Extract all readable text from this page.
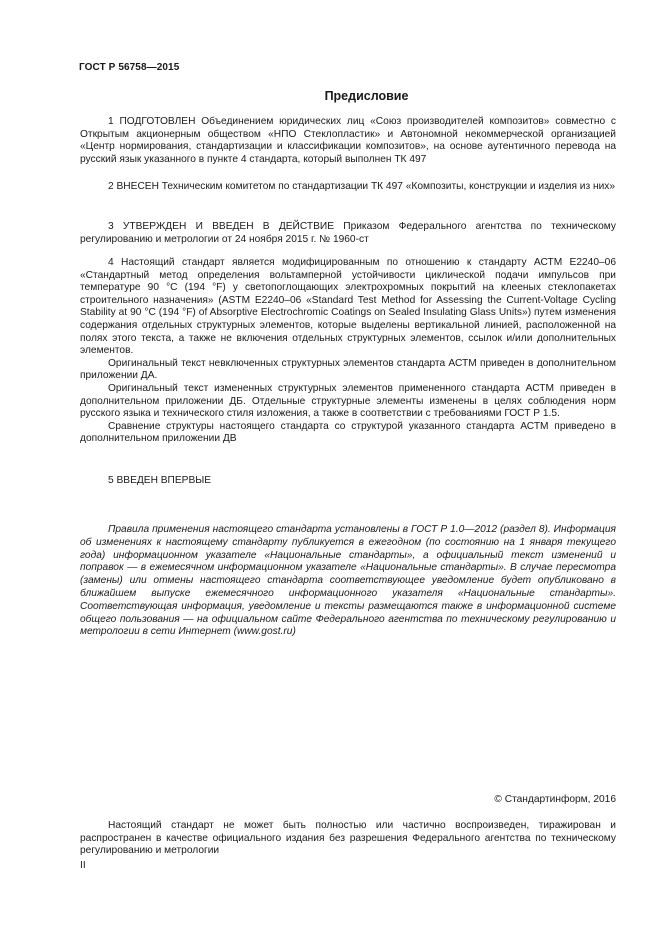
ГОСТ Р 56758—2015
Предисловие

1 ПОДГОТОВЛЕН Объединением юридических лиц «Союз производителей композитов» совместно с Открытым акционерным обществом «НПО Стеклопластик» и Автономной некоммерческой организацией «Центр нормирования, стандартизации и классификации композитов», на основе аутентичного перевода на русский язык указанного в пункте 4 стандарта, который выполнен ТК 497

2 ВНЕСЕН Техническим комитетом по стандартизации ТК 497 «Композиты, конструкции и изделия из них»

3 УТВЕРЖДЕН И ВВЕДЕН В ДЕЙСТВИЕ Приказом Федерального агентства по техническому регулированию и метрологии от 24 ноября 2015 г. № 1960-ст

4 Настоящий стандарт является модифицированным по отношению к стандарту АСТМ Е2240–06 «Стандартный метод определения вольтамперной устойчивости циклической подачи импульсов при температуре 90 °С (194 °F) у светопоглощающих электрохромных покрытий на клееных стеклопакетах строительного назначения» (ASTM E2240–06 «Standard Test Method for Assessing the Current-Voltage Cycling Stability at 90 °C (194 °F) of Absorptive Electrochromic Coatings on Sealed Insulating Glass Units») путем изменения содержания отдельных структурных элементов, которые выделены вертикальной линией, расположенной на полях этого текста, а также не включения отдельных структурных элементов, ссылок и/или дополнительных элементов.

Оригинальный текст невключенных структурных элементов стандарта АСТМ приведен в дополнительном приложении ДА.

Оригинальный текст измененных структурных элементов примененного стандарта АСТМ приведен в дополнительном приложении ДБ. Отдельные структурные элементы изменены в целях соблюдения норм русского языка и технического стиля изложения, а также в соответствии с требованиями ГОСТ Р 1.5.

Сравнение структуры настоящего стандарта со структурой указанного стандарта АСТМ приведено в дополнительном приложении ДВ

5 ВВЕДЕН ВПЕРВЫЕ

Правила применения настоящего стандарта установлены в ГОСТ Р 1.0—2012 (раздел 8). Информация об изменениях к настоящему стандарту публикуется в ежегодном (по состоянию на 1 января текущего года) информационном указателе «Национальные стандарты», а официальный текст изменений и поправок — в ежемесячном информационном указателе «Национальные стандарты». В случае пересмотра (замены) или отмены настоящего стандарта соответствующее уведомление будет опубликовано в ближайшем выпуске ежемесячного информационного указателя «Национальные стандарты». Соответствующая информация, уведомление и тексты размещаются также в информационной системе общего пользования — на официальном сайте Федерального агентства по техническому регулированию и метрологии в сети Интернет (www.gost.ru)

© Стандартинформ, 2016

Настоящий стандарт не может быть полностью или частично воспроизведен, тиражирован и распространен в качестве официального издания без разрешения Федерального агентства по техническому регулированию и метрологии

II
